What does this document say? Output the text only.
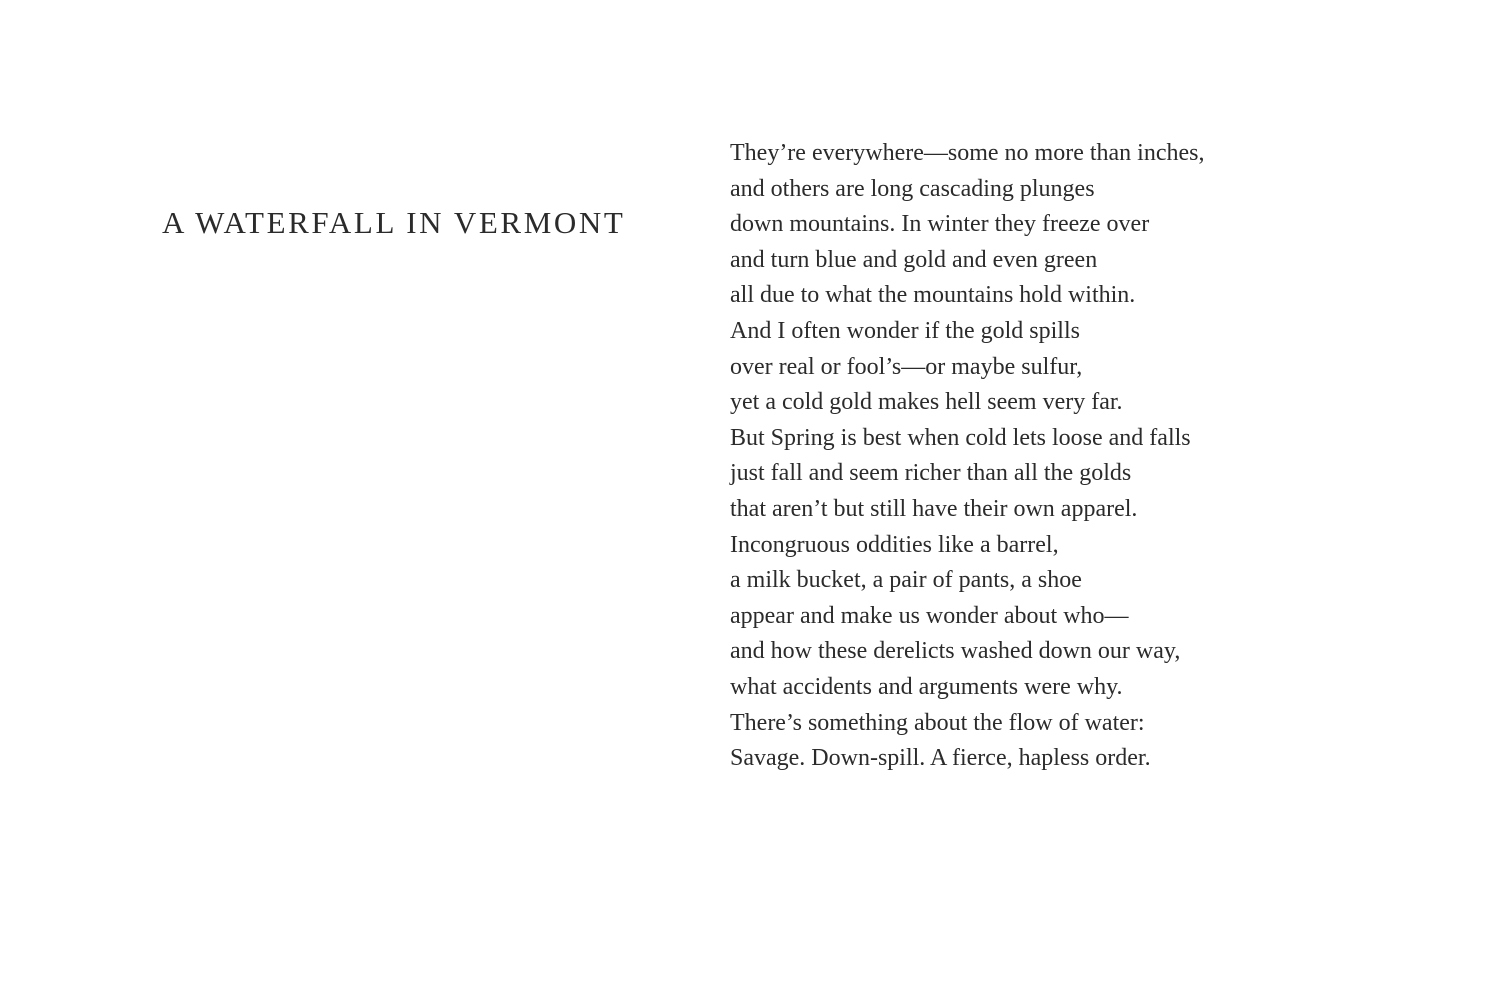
A WATERFALL IN VERMONT
They’re everywhere—some no more than inches,
and others are long cascading plunges
down mountains. In winter they freeze over
and turn blue and gold and even green
all due to what the mountains hold within.
And I often wonder if the gold spills
over real or fool’s—or maybe sulfur,
yet a cold gold makes hell seem very far.
But Spring is best when cold lets loose and falls
just fall and seem richer than all the golds
that aren’t but still have their own apparel.
Incongruous oddities like a barrel,
a milk bucket, a pair of pants, a shoe
appear and make us wonder about who—
and how these derelicts washed down our way,
what accidents and arguments were why.
There’s something about the flow of water:
Savage. Down-spill. A fierce, hapless order.
